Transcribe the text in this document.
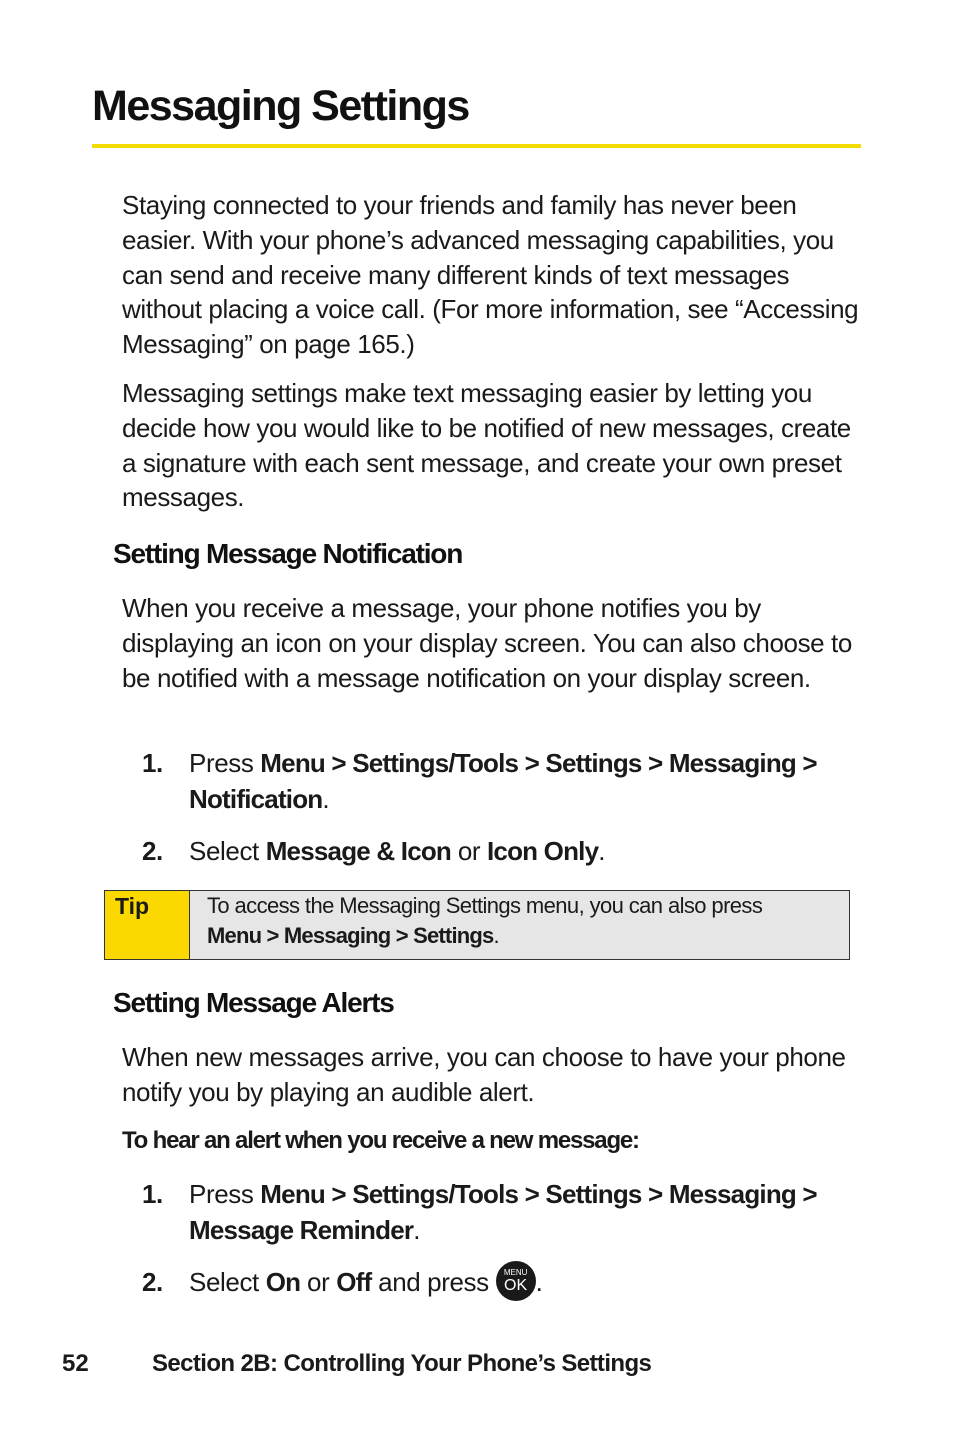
Messaging Settings

Staying connected to your friends and family has never been easier. With your phone’s advanced messaging capabilities, you can send and receive many different kinds of text messages without placing a voice call. (For more information, see “Accessing Messaging” on page 165.)

Messaging settings make text messaging easier by letting you decide how you would like to be notified of new messages, create a signature with each sent message, and create your own preset messages.

Setting Message Notification

When you receive a message, your phone notifies you by displaying an icon on your display screen. You can also choose to be notified with a message notification on your display screen.

1. Press Menu > Settings/Tools > Settings > Messaging > Notification.
2. Select Message & Icon or Icon Only.
Tip	To access the Messaging Settings menu, you can also press
Menu > Messaging > Settings.
Setting Message Alerts

When new messages arrive, you can choose to have your phone notify you by playing an audible alert.

To hear an alert when you receive a new message:

1. Press Menu > Settings/Tools > Settings > Messaging > Message Reminder.
2. Select On or Off and press	MENU
OK .
52	Section 2B: Controlling Your Phone’s Settings
